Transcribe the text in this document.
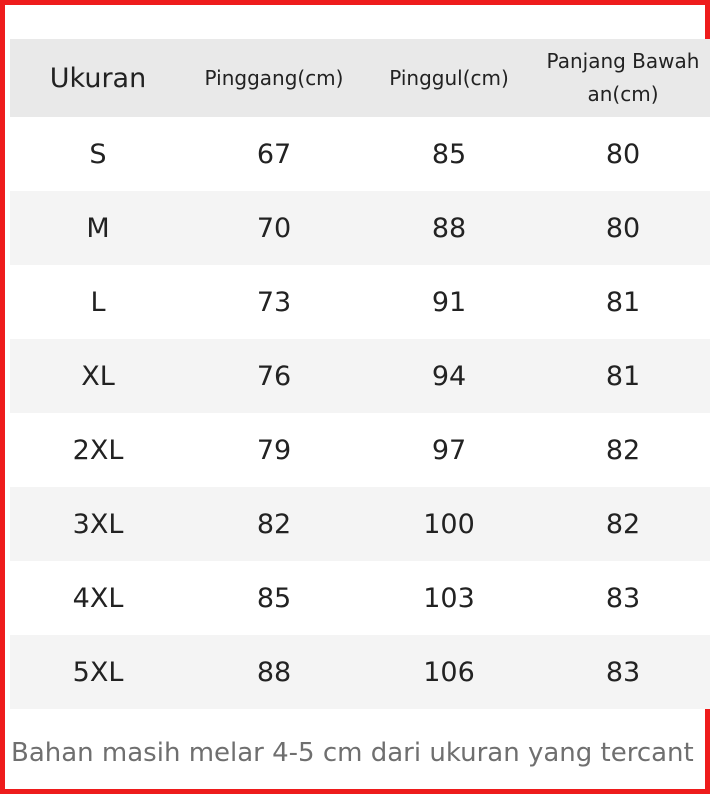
Ukuran	Pinggang(cm)	Pinggul(cm)	Panjang Bawah
an(cm)

S	67	85	80
M	70	88	80
L	73	91	81
XL	76	94	81
2XL	79	97	82
3XL	82	100	82
4XL	85	103	83
5XL	88	106	83
Bahan masih melar 4-5 cm dari ukuran yang tercant
